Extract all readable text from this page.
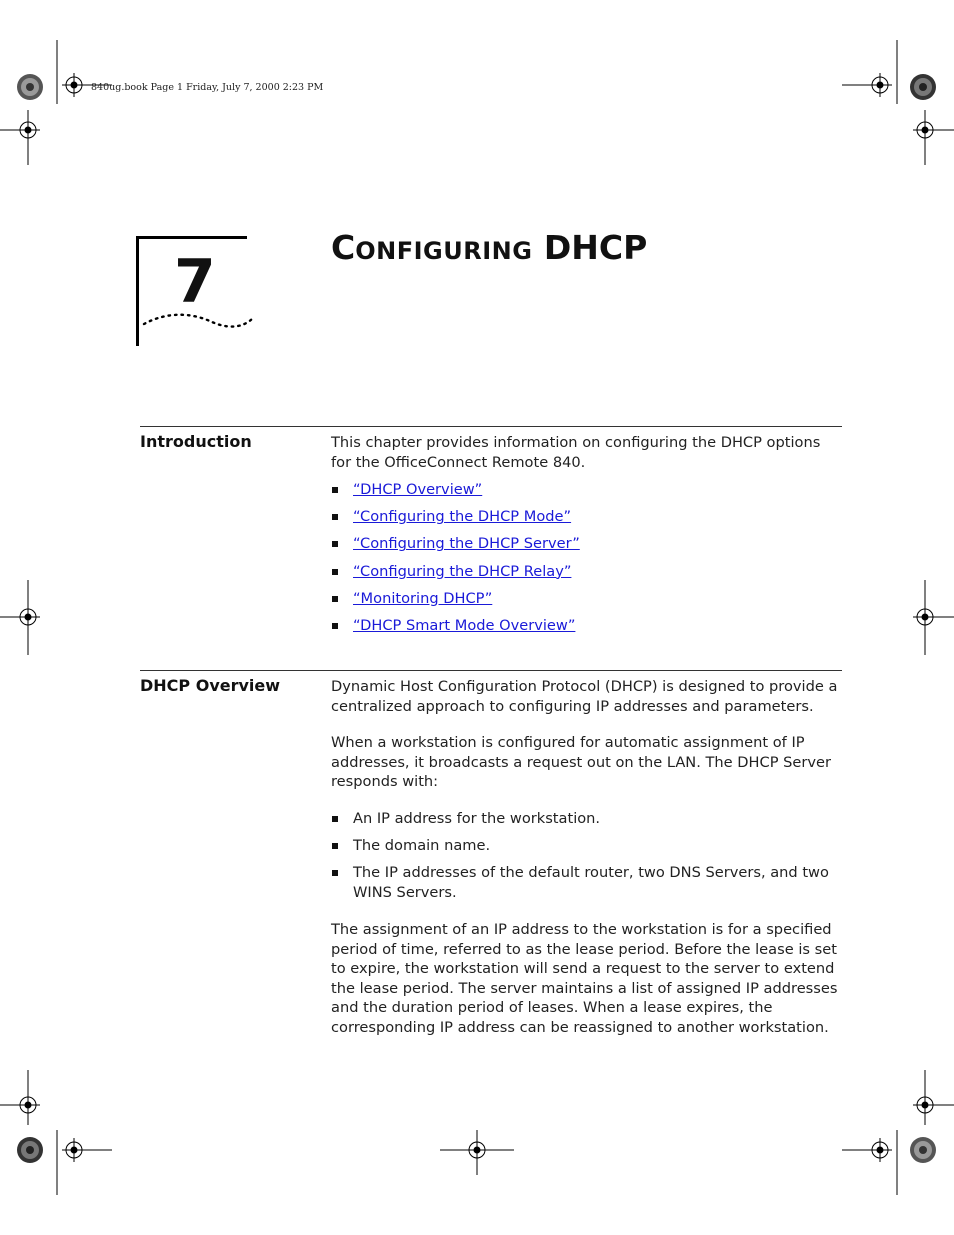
840ug.book Page 1 Friday, July 7, 2000 2:23 PM
7	CONFIGURING DHCP
Introduction	This chapter provides information on configuring the DHCP options for the OfficeConnect Remote 840.

“DHCP Overview”
“Configuring the DHCP Mode”
“Configuring the DHCP Server”
“Configuring the DHCP Relay”
“Monitoring DHCP”
“DHCP Smart Mode Overview”
DHCP Overview	Dynamic Host Configuration Protocol (DHCP) is designed to provide a centralized approach to configuring IP addresses and parameters.

When a workstation is configured for automatic assignment of IP addresses, it broadcasts a request out on the LAN. The DHCP Server responds with:

An IP address for the workstation.
The domain name.
The IP addresses of the default router, two DNS Servers, and two WINS Servers.

The assignment of an IP address to the workstation is for a specified period of time, referred to as the lease period. Before the lease is set to expire, the workstation will send a request to the server to extend the lease period. The server maintains a list of assigned IP addresses and the duration period of leases. When a lease expires, the corresponding IP address can be reassigned to another workstation.
